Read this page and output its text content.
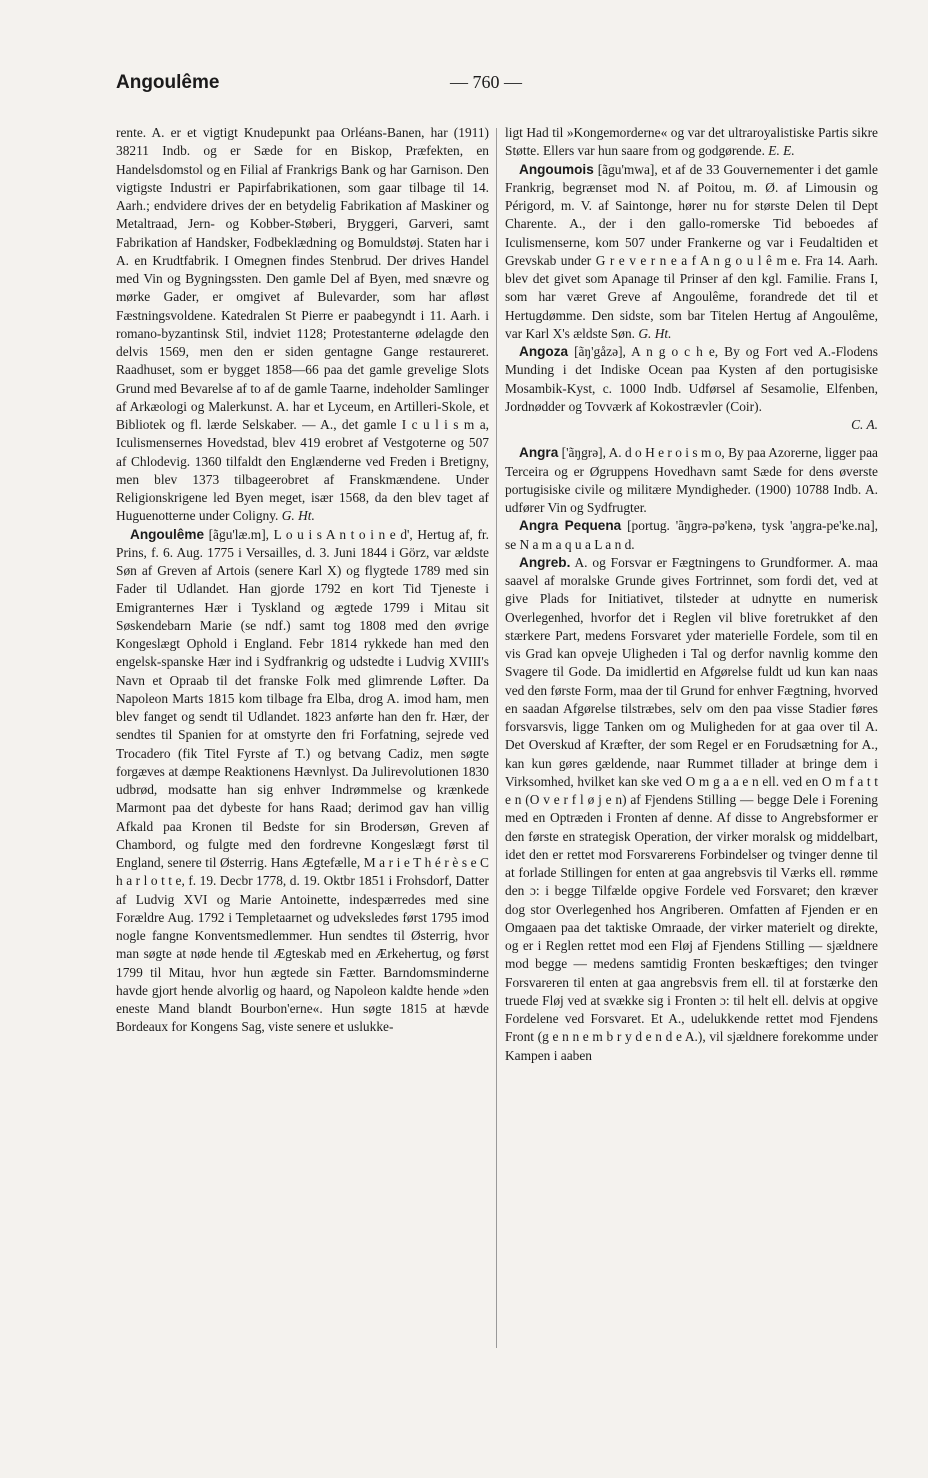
Angoulême	— 760 —

rente. A. er et vigtigt Knudepunkt paa Orléans-Banen, har (1911) 38211 Indb. og er Sæde for en Biskop, Præfekten, en Handelsdomstol og en Filial af Frankrigs Bank og har Garnison. Den vigtigste Industri er Papirfabrikationen, som gaar tilbage til 14. Aarh.; endvidere drives der en betydelig Fabrikation af Maskiner og Metaltraad, Jern- og Kobber-Støberi, Bryggeri, Garveri, samt Fabrikation af Handsker, Fodbeklædning og Bomuldstøj. Staten har i A. en Krudtfabrik. I Omegnen findes Stenbrud. Der drives Handel med Vin og Bygningssten. Den gamle Del af Byen, med snævre og mørke Gader, er omgivet af Bulevarder, som har afløst Fæstningsvoldene. Katedralen St Pierre er paabegyndt i 11. Aarh. i romano-byzantinsk Stil, indviet 1128; Protestanterne ødelagde den delvis 1569, men den er siden gentagne Gange restaureret. Raadhuset, som er bygget 1858—66 paa det gamle grevelige Slots Grund med Bevarelse af to af de gamle Taarne, indeholder Samlinger af Arkæologi og Malerkunst. A. har et Lyceum, en Artilleri-Skole, et Bibliotek og fl. lærde Selskaber. — A., det gamle I c u l i s m a, Iculismensernes Hovedstad, blev 419 erobret af Vestgoterne og 507 af Chlodevig. 1360 tilfaldt den Englænderne ved Freden i Bretigny, men blev 1373 tilbageerobret af Franskmændene. Under Religionskrigene led Byen meget, især 1568, da den blev taget af Huguenotterne under Coligny. G. Ht.

Angoulême [ãgu'læ.m], L o u i s A n t o i n e d', Hertug af, fr. Prins, f. 6. Aug. 1775 i Versailles, d. 3. Juni 1844 i Görz, var ældste Søn af Greven af Artois (senere Karl X) og flygtede 1789 med sin Fader til Udlandet. Han gjorde 1792 en kort Tid Tjeneste i Emigranternes Hær i Tyskland og ægtede 1799 i Mitau sit Søskendebarn Marie (se ndf.) samt tog 1808 med den øvrige Kongeslægt Ophold i England. Febr 1814 rykkede han med den engelsk-spanske Hær ind i Sydfrankrig og udstedte i Ludvig XVIII's Navn et Opraab til det franske Folk med glimrende Løfter. Da Napoleon Marts 1815 kom tilbage fra Elba, drog A. imod ham, men blev fanget og sendt til Udlandet. 1823 anførte han den fr. Hær, der sendtes til Spanien for at omstyrte den fri Forfatning, sejrede ved Trocadero (fik Titel Fyrste af T.) og betvang Cadiz, men søgte forgæves at dæmpe Reaktionens Hævnlyst. Da Julirevolutionen 1830 udbrød, modsatte han sig enhver Indrømmelse og krænkede Marmont paa det dybeste for hans Raad; derimod gav han villig Afkald paa Kronen til Bedste for sin Brodersøn, Greven af Chambord, og fulgte med den fordrevne Kongeslægt først til England, senere til Østerrig. Hans Ægtefælle, M a r i e T h é r è s e C h a r l o t t e, f. 19. Decbr 1778, d. 19. Oktbr 1851 i Frohsdorf, Datter af Ludvig XVI og Marie Antoinette, indespærredes med sine Forældre Aug. 1792 i Templetaarnet og udveksledes først 1795 imod nogle fangne Konventsmedlemmer. Hun sendtes til Østerrig, hvor man søgte at nøde hende til Ægteskab med en Ærkehertug, og først 1799 til Mitau, hvor hun ægtede sin Fætter. Barndomsminderne havde gjort hende alvorlig og haard, og Napoleon kaldte hende »den eneste Mand blandt Bourbon'erne«. Hun søgte 1815 at hævde Bordeaux for Kongens Sag, viste senere et uslukke-

ligt Had til »Kongemorderne« og var det ultraroyalistiske Partis sikre Støtte. Ellers var hun saare from og godgørende. E. E.

Angoumois [ãgu'mwa], et af de 33 Gouvernementer i det gamle Frankrig, begrænset mod N. af Poitou, m. Ø. af Limousin og Périgord, m. V. af Saintonge, hører nu for største Delen til Dept Charente. A., der i den gallo-romerske Tid beboedes af Iculismenserne, kom 507 under Frankerne og var i Feudaltiden et Grevskab under G r e v e r n e a f A n g o u l ê m e. Fra 14. Aarh. blev det givet som Apanage til Prinser af den kgl. Familie. Frans I, som har været Greve af Angoulême, forandrede det til et Hertugdømme. Den sidste, som bar Titelen Hertug af Angoulême, var Karl X's ældste Søn. G. Ht.

Angoza [ãŋ'gåzə], A n g o c h e, By og Fort ved A.-Flodens Munding i det Indiske Ocean paa Kysten af den portugisiske Mosambik-Kyst, c. 1000 Indb. Udførsel af Sesamolie, Elfenben, Jordnødder og Tovværk af Kokostrævler (Coir).

C. A.

Angra ['ãŋgrə], A. d o H e r o i s m o, By paa Azorerne, ligger paa Terceira og er Øgruppens Hovedhavn samt Sæde for dens øverste portugisiske civile og militære Myndigheder. (1900) 10788 Indb. A. udfører Vin og Sydfrugter.

Angra Pequena [portug. 'ãŋgrə-pə'kenə, tysk 'aŋgra-pe'ke.na], se N a m a q u a L a n d.

Angreb. A. og Forsvar er Fægtningens to Grundformer. A. maa saavel af moralske Grunde gives Fortrinnet, som fordi det, ved at give Plads for Initiativet, tilsteder at udnytte en numerisk Overlegenhed, hvorfor det i Reglen vil blive foretrukket af den stærkere Part, medens Forsvaret yder materielle Fordele, som til en vis Grad kan opveje Uligheden i Tal og derfor navnlig komme den Svagere til Gode. Da imidlertid en Afgørelse fuldt ud kun kan naas ved den første Form, maa der til Grund for enhver Fægtning, hvorved en saadan Afgørelse tilstræbes, selv om den paa visse Stadier føres forsvarsvis, ligge Tanken om og Muligheden for at gaa over til A. Det Overskud af Kræfter, der som Regel er en Forudsætning for A., kan kun gøres gældende, naar Rummet tillader at bringe dem i Virksomhed, hvilket kan ske ved O m g a a e n ell. ved en O m f a t t e n (O v e r f l ø j e n) af Fjendens Stilling — begge Dele i Forening med en Optræden i Fronten af denne. Af disse to Angrebsformer er den første en strategisk Operation, der virker moralsk og middelbart, idet den er rettet mod Forsvarerens Forbindelser og tvinger denne til at forlade Stillingen for enten at gaa angrebsvis til Værks ell. rømme den ɔ: i begge Tilfælde opgive Fordele ved Forsvaret; den kræver dog stor Overlegenhed hos Angriberen. Omfatten af Fjenden er en Omgaaen paa det taktiske Omraade, der virker materielt og direkte, og er i Reglen rettet mod een Fløj af Fjendens Stilling — sjældnere mod begge — medens samtidig Fronten beskæftiges; den tvinger Forsvareren til enten at gaa angrebsvis frem ell. til at forstærke den truede Fløj ved at svække sig i Fronten ɔ: til helt ell. delvis at opgive Fordelene ved Forsvaret. Et A., udelukkende rettet mod Fjendens Front (g e n n e m b r y d e n d e A.), vil sjældnere forekomme under Kampen i aaben
